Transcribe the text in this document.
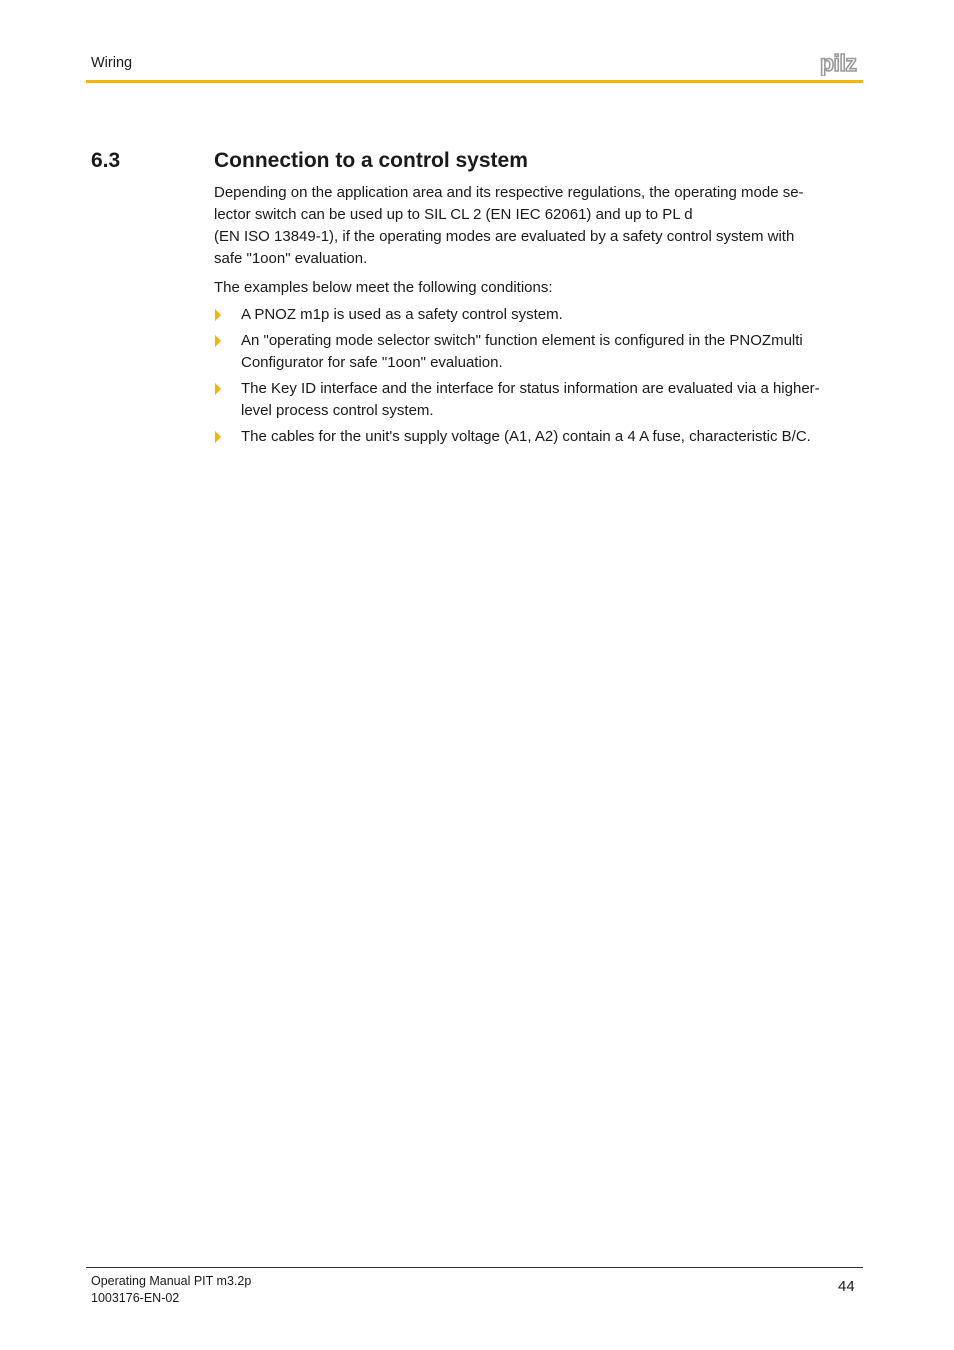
Wiring	pilz
6.3	Connection to a control system
Depending on the application area and its respective regulations, the operating mode se-
lector switch can be used up to SIL CL 2 (EN IEC 62061) and up to PL d
(EN ISO 13849-1), if the operating modes are evaluated by a safety control system with
safe "1oon" evaluation.
The examples below meet the following conditions:
A PNOZ m1p is used as a safety control system.
An "operating mode selector switch" function element is configured in the PNOZmulti
Configurator for safe "1oon" evaluation.
The Key ID interface and the interface for status information are evaluated via a higher-
level process control system.
The cables for the unit's supply voltage (A1, A2) contain a 4 A fuse, characteristic B/C.
Operating Manual PIT m3.2p
1003176-EN-02
44
